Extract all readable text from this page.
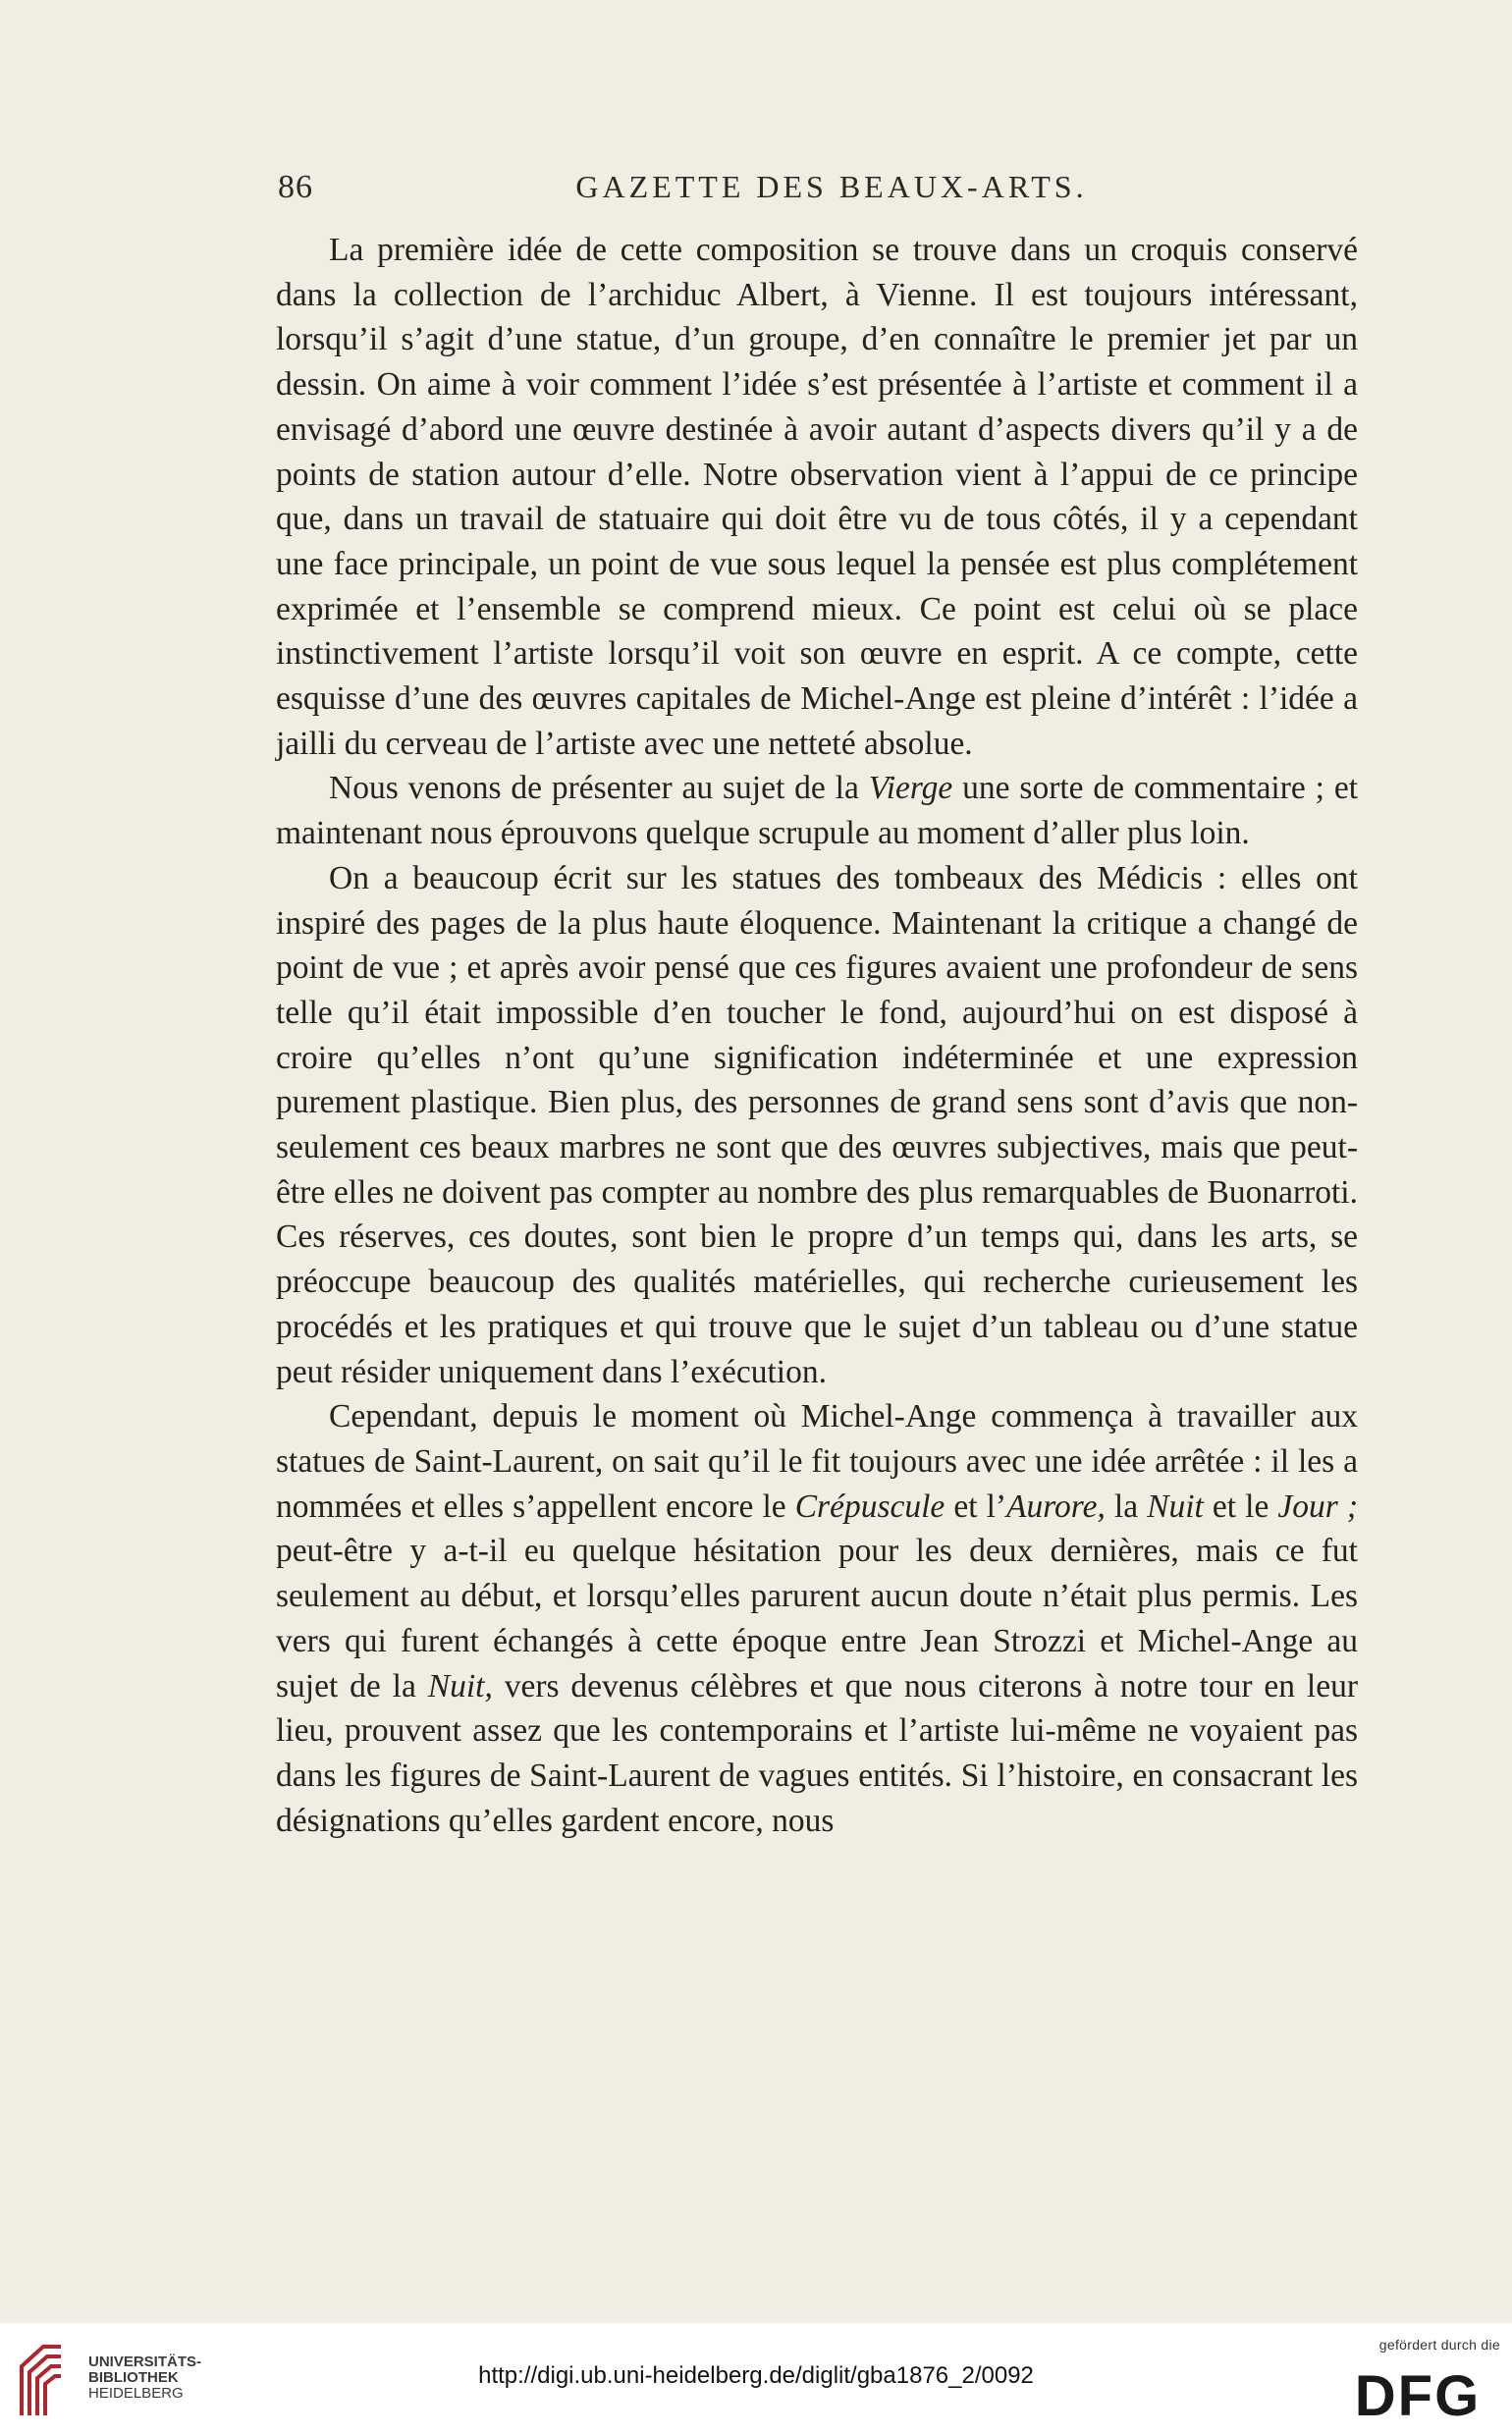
86	GAZETTE DES BEAUX-ARTS.

La première idée de cette composition se trouve dans un croquis conservé dans la collection de l’archiduc Albert, à Vienne. Il est toujours intéressant, lorsqu’il s’agit d’une statue, d’un groupe, d’en connaître le premier jet par un dessin. On aime à voir comment l’idée s’est présentée à l’artiste et comment il a envisagé d’abord une œuvre destinée à avoir autant d’aspects divers qu’il y a de points de station autour d’elle. Notre observation vient à l’appui de ce principe que, dans un travail de statuaire qui doit être vu de tous côtés, il y a cependant une face principale, un point de vue sous lequel la pensée est plus complétement exprimée et l’ensemble se comprend mieux. Ce point est celui où se place instinctivement l’artiste lorsqu’il voit son œuvre en esprit. A ce compte, cette esquisse d’une des œuvres capitales de Michel-Ange est pleine d’intérêt : l’idée a jailli du cerveau de l’artiste avec une netteté absolue.

Nous venons de présenter au sujet de la Vierge une sorte de commentaire ; et maintenant nous éprouvons quelque scrupule au moment d’aller plus loin.

On a beaucoup écrit sur les statues des tombeaux des Médicis : elles ont inspiré des pages de la plus haute éloquence. Maintenant la critique a changé de point de vue ; et après avoir pensé que ces figures avaient une profondeur de sens telle qu’il était impossible d’en toucher le fond, aujourd’hui on est disposé à croire qu’elles n’ont qu’une signification indéterminée et une expression purement plastique. Bien plus, des personnes de grand sens sont d’avis que non-seulement ces beaux marbres ne sont que des œuvres subjectives, mais que peut-être elles ne doivent pas compter au nombre des plus remarquables de Buonarroti. Ces réserves, ces doutes, sont bien le propre d’un temps qui, dans les arts, se préoccupe beaucoup des qualités matérielles, qui recherche curieusement les procédés et les pratiques et qui trouve que le sujet d’un tableau ou d’une statue peut résider uniquement dans l’exécution.

Cependant, depuis le moment où Michel-Ange commença à travailler aux statues de Saint-Laurent, on sait qu’il le fit toujours avec une idée arrêtée : il les a nommées et elles s’appellent encore le Crépuscule et l’Aurore, la Nuit et le Jour ; peut-être y a-t-il eu quelque hésitation pour les deux dernières, mais ce fut seulement au début, et lorsqu’elles parurent aucun doute n’était plus permis. Les vers qui furent échangés à cette époque entre Jean Strozzi et Michel-Ange au sujet de la Nuit, vers devenus célèbres et que nous citerons à notre tour en leur lieu, prouvent assez que les contemporains et l’artiste lui-même ne voyaient pas dans les figures de Saint-Laurent de vagues entités. Si l’histoire, en consacrant les désignations qu’elles gardent encore, nous

UNIVERSITÄTS-
BIBLIOTHEK
HEIDELBERG
http://digi.ub.uni-heidelberg.de/diglit/gba1876_2/0092
gefördert durch die
DFG
